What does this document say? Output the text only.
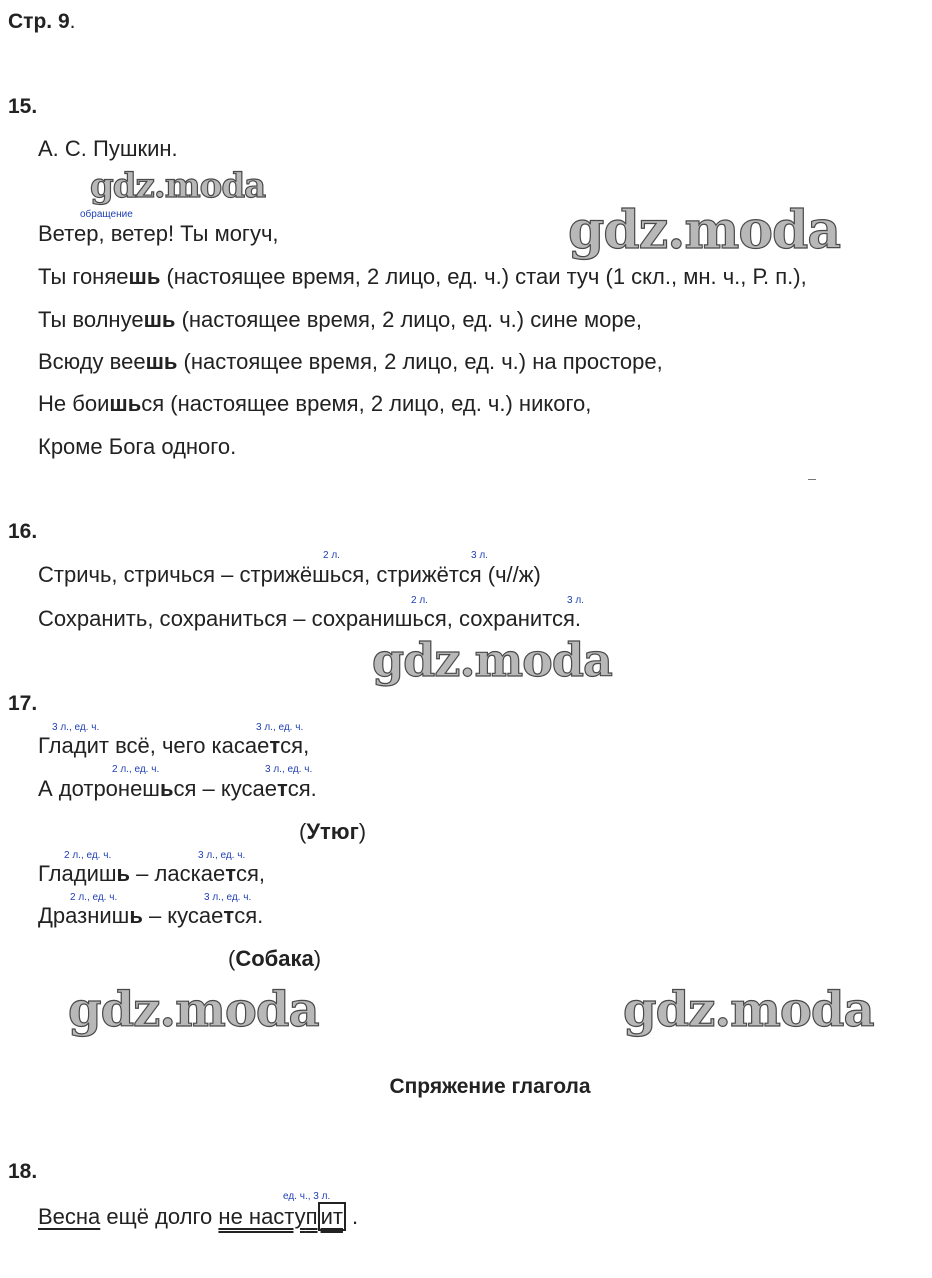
Стр. 9.
15.
А. С. Пушкин.
gdz.moda
обращение
Ветер, ветер! Ты могуч,	gdz.moda
Ты гоняешь (настоящее время, 2 лицо, ед. ч.) стаи туч (1 скл., мн. ч., Р. п.),
Ты волнуешь (настоящее время, 2 лицо, ед. ч.) сине море,
Всюду веешь (настоящее время, 2 лицо, ед. ч.) на просторе,
Не боишься (настоящее время, 2 лицо, ед. ч.) никого,
Кроме Бога одного.
16.
2 л.	3 л.
Стричь, стричься – стрижёшься, стрижётся (ч//ж)
2 л.	3 л.
Сохранить, сохраниться – сохранишься, сохранится.
gdz.moda
17.
3 л., ед. ч.	3 л., ед. ч.
Гладит всё, чего касается,
2 л., ед. ч.	3 л., ед. ч.
А дотронешься – кусается.
(Утюг)
2 л., ед. ч.	3 л., ед. ч.
Гладишь – ласкается,
2 л., ед. ч.	3 л., ед. ч.
Дразнишь – кусается.
(Собака)
gdz.moda	gdz.moda
Спряжение глагола
18.
ед. ч., 3 л.
Весна ещё долго не наступ ит .
